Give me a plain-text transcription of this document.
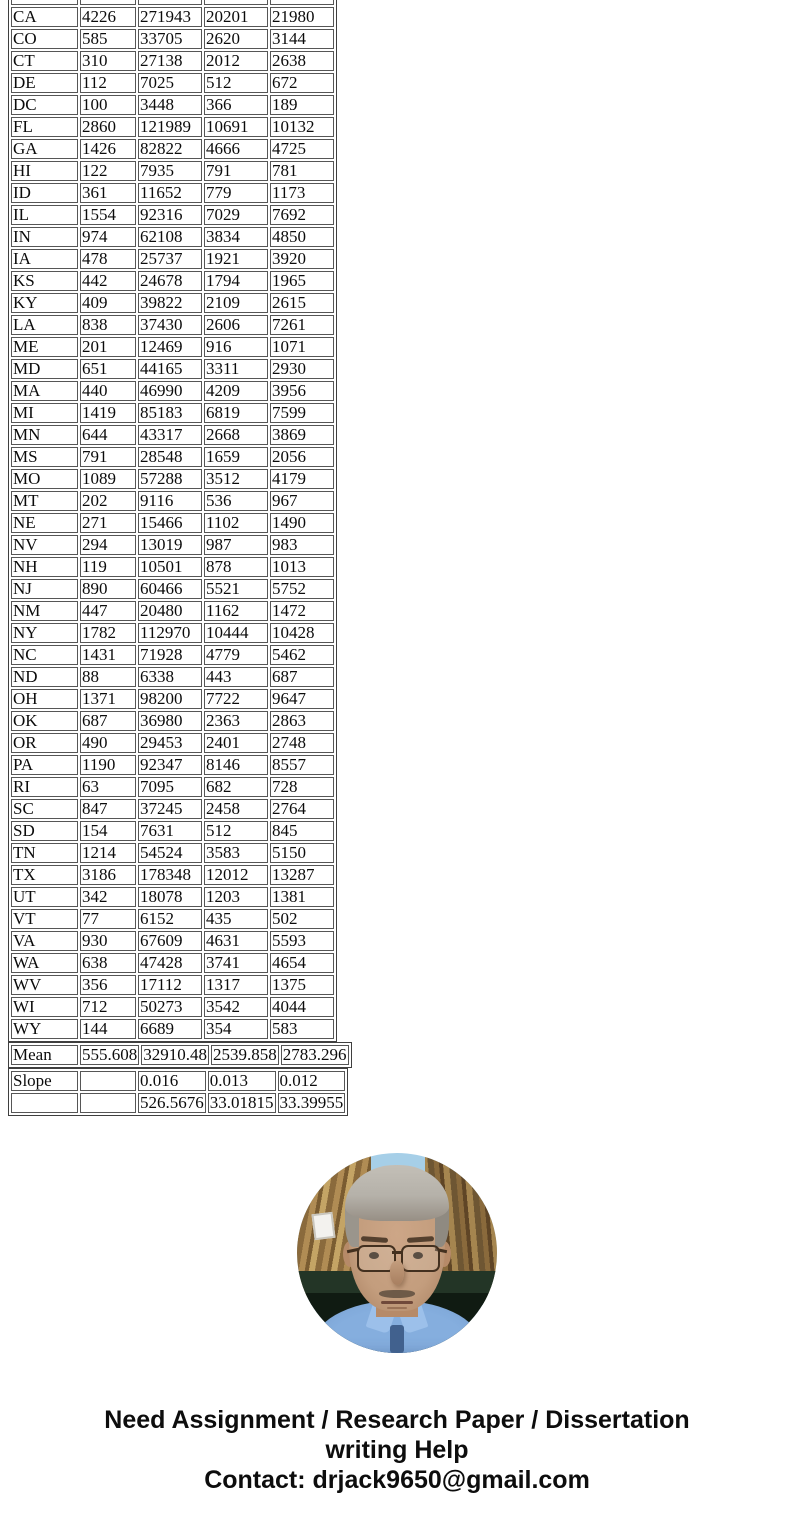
CA	4226	271943	20201	21980
CO	585	33705	2620	3144
CT	310	27138	2012	2638
DE	112	7025	512	672
DC	100	3448	366	189
FL	2860	121989	10691	10132
GA	1426	82822	4666	4725
HI	122	7935	791	781
ID	361	11652	779	1173
IL	1554	92316	7029	7692
IN	974	62108	3834	4850
IA	478	25737	1921	3920
KS	442	24678	1794	1965
KY	409	39822	2109	2615
LA	838	37430	2606	7261
ME	201	12469	916	1071
MD	651	44165	3311	2930
MA	440	46990	4209	3956
MI	1419	85183	6819	7599
MN	644	43317	2668	3869
MS	791	28548	1659	2056
MO	1089	57288	3512	4179
MT	202	9116	536	967
NE	271	15466	1102	1490
NV	294	13019	987	983
NH	119	10501	878	1013
NJ	890	60466	5521	5752
NM	447	20480	1162	1472
NY	1782	112970	10444	10428
NC	1431	71928	4779	5462
ND	88	6338	443	687
OH	1371	98200	7722	9647
OK	687	36980	2363	2863
OR	490	29453	2401	2748
PA	1190	92347	8146	8557
RI	63	7095	682	728
SC	847	37245	2458	2764
SD	154	7631	512	845
TN	1214	54524	3583	5150
TX	3186	178348	12012	13287
UT	342	18078	1203	1381
VT	77	6152	435	502
VA	930	67609	4631	5593
WA	638	47428	3741	4654
WV	356	17112	1317	1375
WI	712	50273	3542	4044
WY	144	6689	354	583
Mean	555.608	32910.48	2539.858	2783.296
Slope		0.016	0.013	0.012
		526.5676	33.01815	33.39955
Need Assignment / Research Paper / Dissertation
writing Help
Contact: drjack9650@gmail.com
